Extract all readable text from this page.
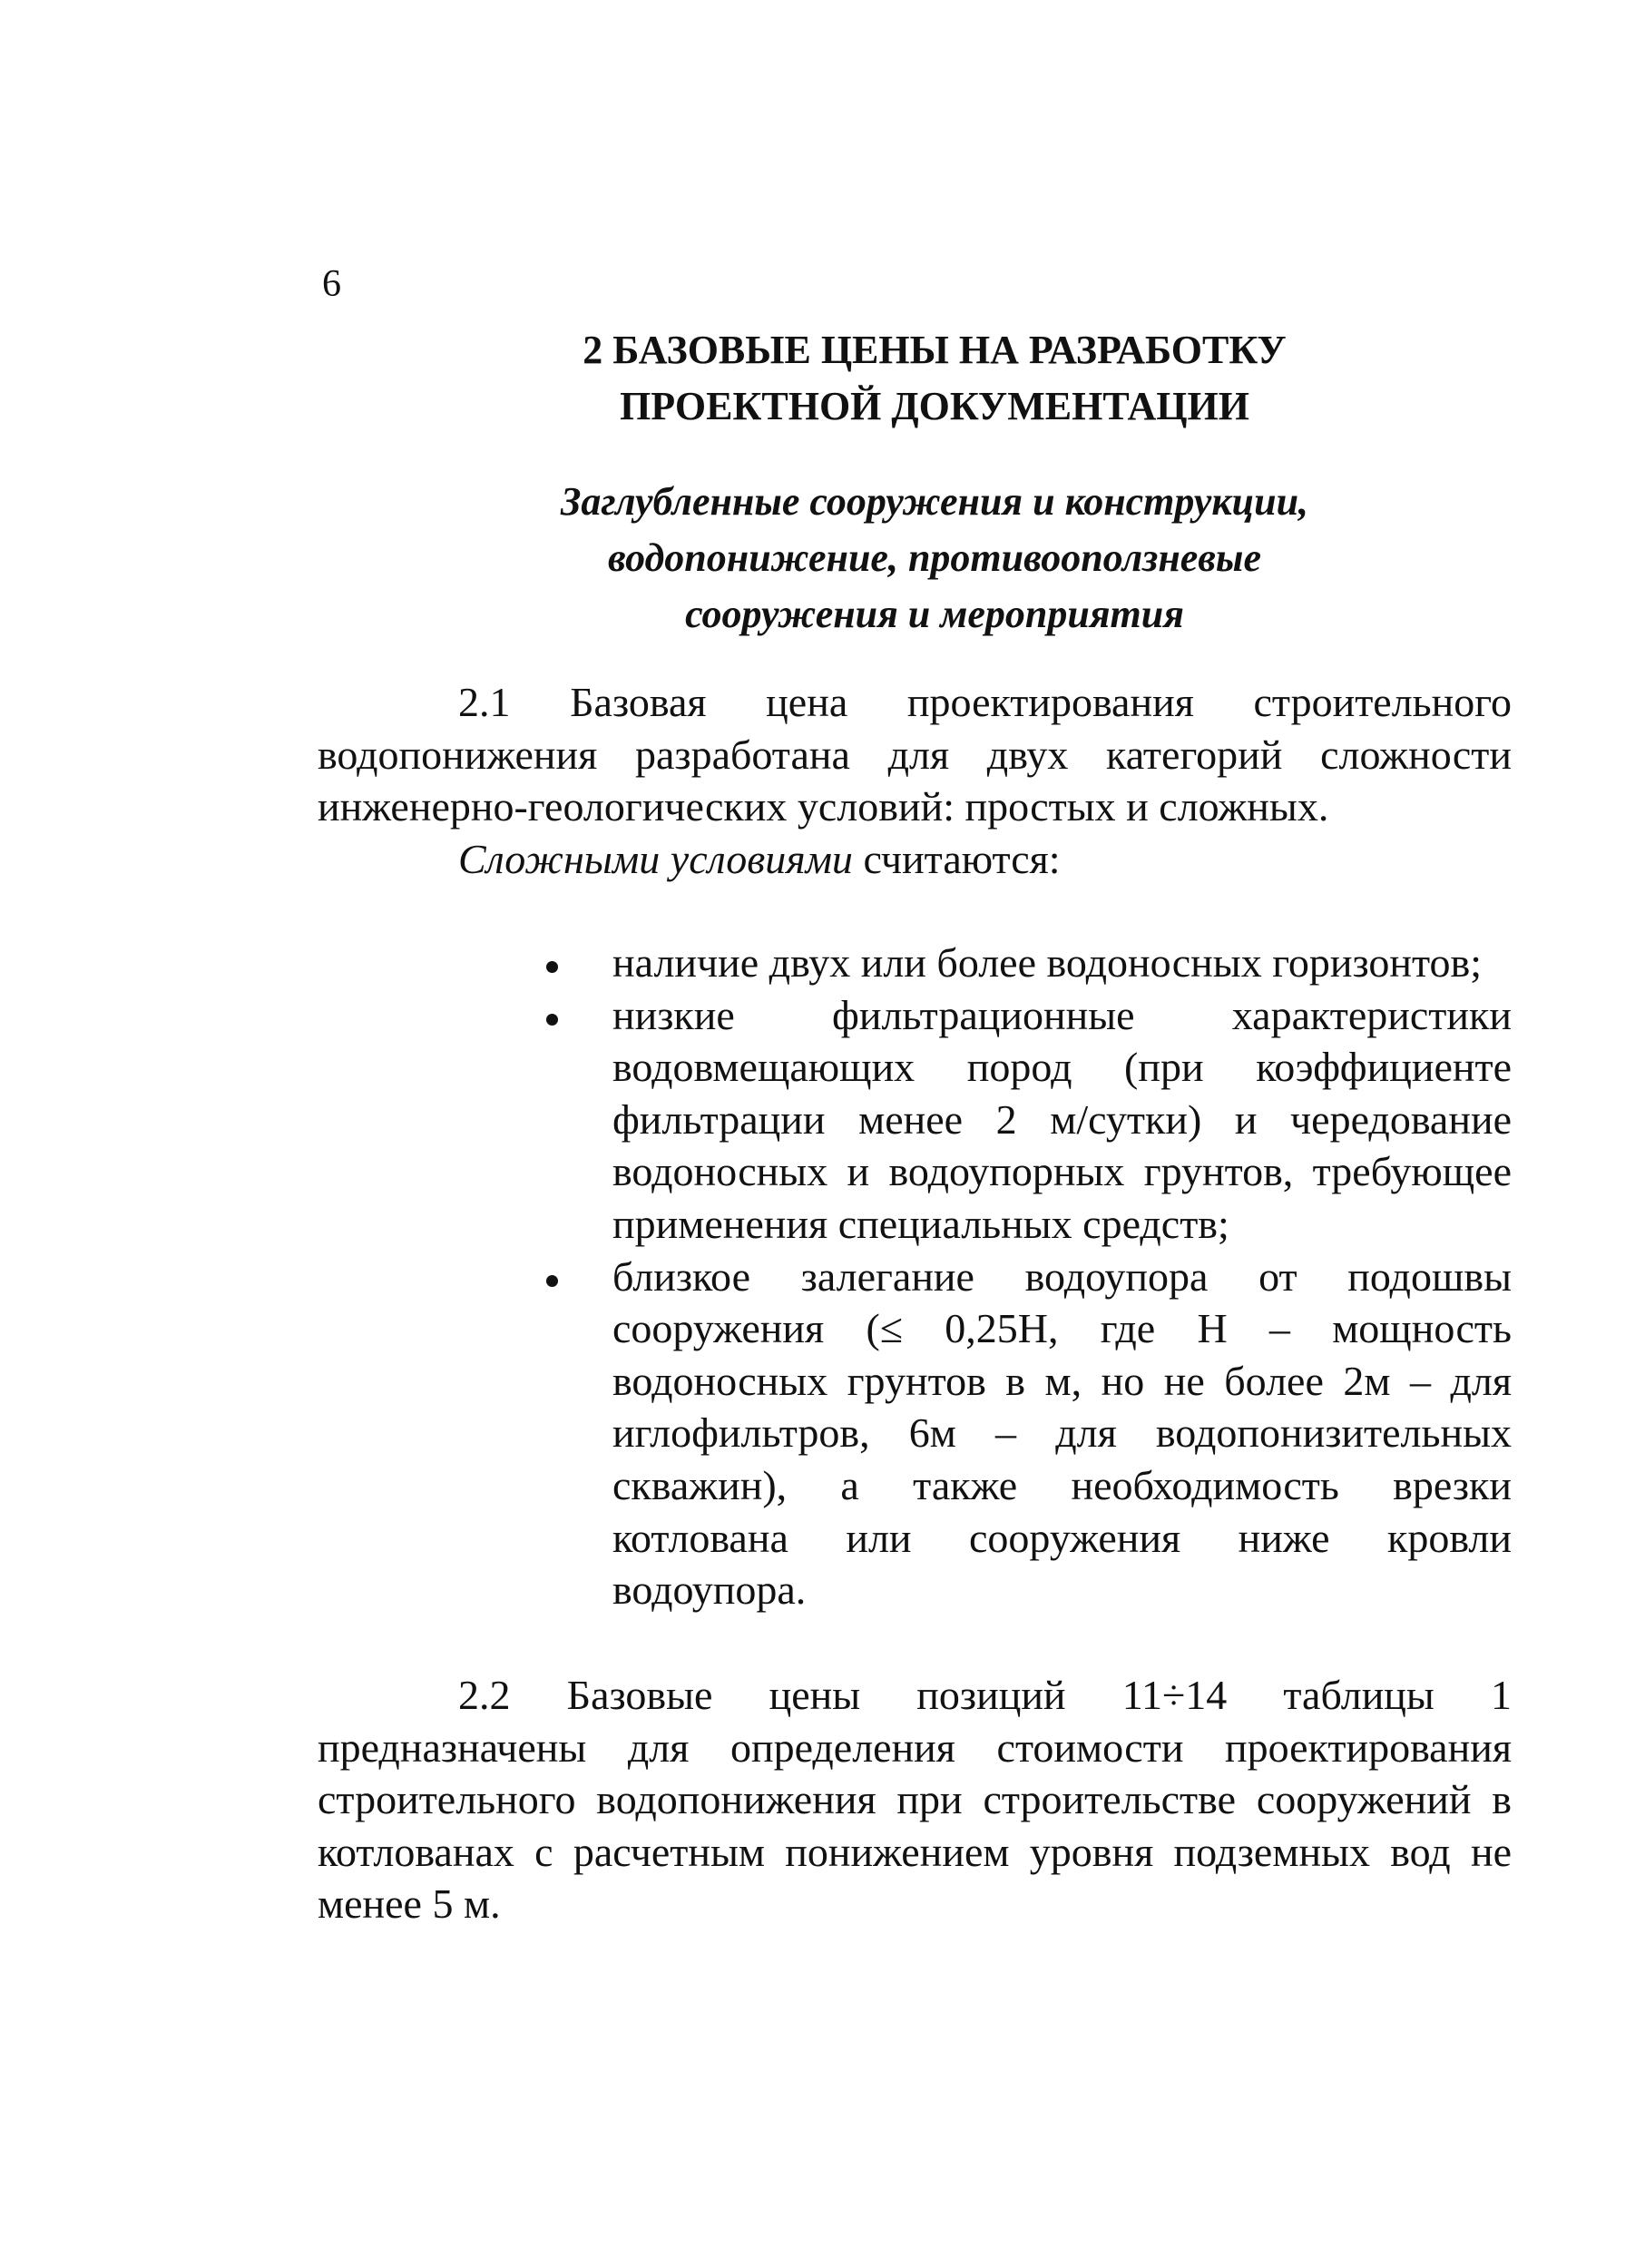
6
2 БАЗОВЫЕ ЦЕНЫ НА РАЗРАБОТКУ
ПРОЕКТНОЙ ДОКУМЕНТАЦИИ
Заглубленные сооружения и конструкции,
водопонижение, противооползневые
сооружения и мероприятия

2.1 Базовая цена проектирования строительного водопонижения разработана для двух категорий сложности инженерно-геологических условий: простых и сложных.

Сложными условиями считаются:

наличие двух или более водоносных горизонтов;
низкие фильтрационные характеристики водовмещающих пород (при коэффициенте фильтрации менее 2 м/сутки) и чередование водоносных и водоупорных грунтов, требующее применения специальных средств;
близкое залегание водоупора от подошвы сооружения (≤ 0,25Н, где Н – мощность водоносных грунтов в м, но не более 2м – для иглофильтров, 6м – для водопонизительных скважин), а также необходимость врезки котлована или сооружения ниже кровли водоупора.

2.2 Базовые цены позиций 11÷14 таблицы 1 предназначены для определения стоимости проектирования строительного водопонижения при строительстве сооружений в котлованах с расчетным понижением уровня подземных вод не менее 5 м.
